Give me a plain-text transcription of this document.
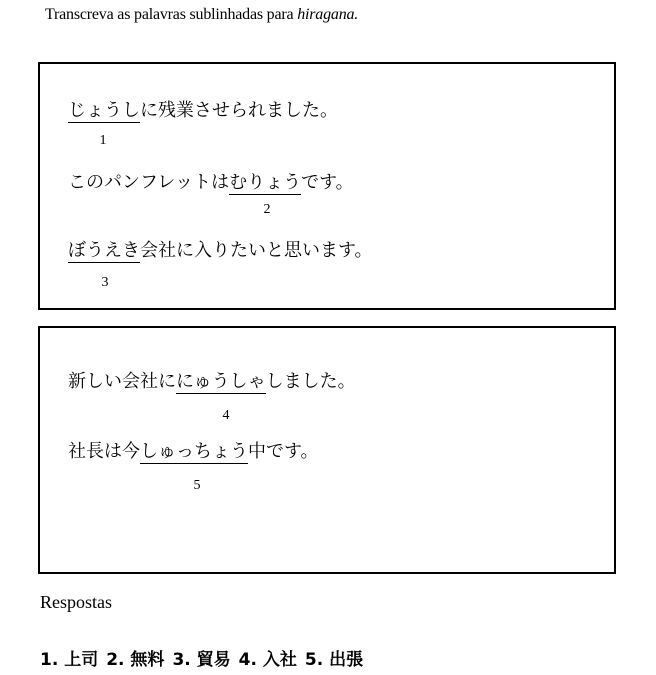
Transcreva as palavras sublinhadas para hiragana.
じょうしに残業させられました。
1
このパンフレットはむりょうです。
2
ぼうえき会社に入りたいと思います。
3
新しい会社ににゅうしゃしました。
4
社長は今しゅっちょう中です。
5
Respostas
1. 上司 2. 無料 3. 貿易 4. 入社 5. 出張
